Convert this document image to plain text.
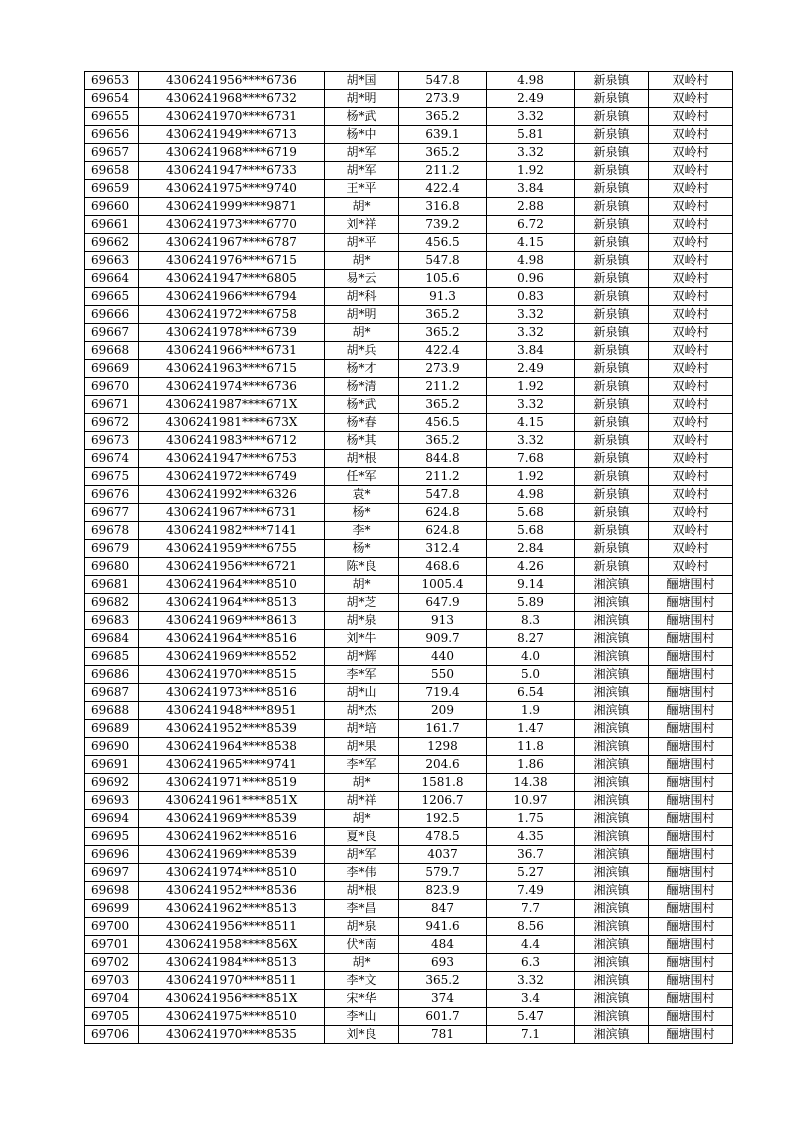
69653	4306241956****6736	胡*国	547.8	4.98	新泉镇	双岭村
69654	4306241968****6732	胡*明	273.9	2.49	新泉镇	双岭村
69655	4306241970****6731	杨*武	365.2	3.32	新泉镇	双岭村
69656	4306241949****6713	杨*中	639.1	5.81	新泉镇	双岭村
69657	4306241968****6719	胡*军	365.2	3.32	新泉镇	双岭村
69658	4306241947****6733	胡*军	211.2	1.92	新泉镇	双岭村
69659	4306241975****9740	王*平	422.4	3.84	新泉镇	双岭村
69660	4306241999****9871	胡*	316.8	2.88	新泉镇	双岭村
69661	4306241973****6770	刘*祥	739.2	6.72	新泉镇	双岭村
69662	4306241967****6787	胡*平	456.5	4.15	新泉镇	双岭村
69663	4306241976****6715	胡*	547.8	4.98	新泉镇	双岭村
69664	4306241947****6805	易*云	105.6	0.96	新泉镇	双岭村
69665	4306241966****6794	胡*科	91.3	0.83	新泉镇	双岭村
69666	4306241972****6758	胡*明	365.2	3.32	新泉镇	双岭村
69667	4306241978****6739	胡*	365.2	3.32	新泉镇	双岭村
69668	4306241966****6731	胡*兵	422.4	3.84	新泉镇	双岭村
69669	4306241963****6715	杨*才	273.9	2.49	新泉镇	双岭村
69670	4306241974****6736	杨*清	211.2	1.92	新泉镇	双岭村
69671	4306241987****671X	杨*武	365.2	3.32	新泉镇	双岭村
69672	4306241981****673X	杨*春	456.5	4.15	新泉镇	双岭村
69673	4306241983****6712	杨*其	365.2	3.32	新泉镇	双岭村
69674	4306241947****6753	胡*根	844.8	7.68	新泉镇	双岭村
69675	4306241972****6749	任*军	211.2	1.92	新泉镇	双岭村
69676	4306241992****6326	袁*	547.8	4.98	新泉镇	双岭村
69677	4306241967****6731	杨*	624.8	5.68	新泉镇	双岭村
69678	4306241982****7141	李*	624.8	5.68	新泉镇	双岭村
69679	4306241959****6755	杨*	312.4	2.84	新泉镇	双岭村
69680	4306241956****6721	陈*良	468.6	4.26	新泉镇	双岭村
69681	4306241964****8510	胡*	1005.4	9.14	湘滨镇	酾塘围村
69682	4306241964****8513	胡*芝	647.9	5.89	湘滨镇	酾塘围村
69683	4306241969****8613	胡*泉	913	8.3	湘滨镇	酾塘围村
69684	4306241964****8516	刘*牛	909.7	8.27	湘滨镇	酾塘围村
69685	4306241969****8552	胡*辉	440	4.0	湘滨镇	酾塘围村
69686	4306241970****8515	李*军	550	5.0	湘滨镇	酾塘围村
69687	4306241973****8516	胡*山	719.4	6.54	湘滨镇	酾塘围村
69688	4306241948****8951	胡*杰	209	1.9	湘滨镇	酾塘围村
69689	4306241952****8539	胡*培	161.7	1.47	湘滨镇	酾塘围村
69690	4306241964****8538	胡*果	1298	11.8	湘滨镇	酾塘围村
69691	4306241965****9741	李*军	204.6	1.86	湘滨镇	酾塘围村
69692	4306241971****8519	胡*	1581.8	14.38	湘滨镇	酾塘围村
69693	4306241961****851X	胡*祥	1206.7	10.97	湘滨镇	酾塘围村
69694	4306241969****8539	胡*	192.5	1.75	湘滨镇	酾塘围村
69695	4306241962****8516	夏*良	478.5	4.35	湘滨镇	酾塘围村
69696	4306241969****8539	胡*军	4037	36.7	湘滨镇	酾塘围村
69697	4306241974****8510	李*伟	579.7	5.27	湘滨镇	酾塘围村
69698	4306241952****8536	胡*根	823.9	7.49	湘滨镇	酾塘围村
69699	4306241962****8513	李*昌	847	7.7	湘滨镇	酾塘围村
69700	4306241956****8511	胡*泉	941.6	8.56	湘滨镇	酾塘围村
69701	4306241958****856X	伏*南	484	4.4	湘滨镇	酾塘围村
69702	4306241984****8513	胡*	693	6.3	湘滨镇	酾塘围村
69703	4306241970****8511	李*文	365.2	3.32	湘滨镇	酾塘围村
69704	4306241956****851X	宋*华	374	3.4	湘滨镇	酾塘围村
69705	4306241975****8510	李*山	601.7	5.47	湘滨镇	酾塘围村
69706	4306241970****8535	刘*良	781	7.1	湘滨镇	酾塘围村
